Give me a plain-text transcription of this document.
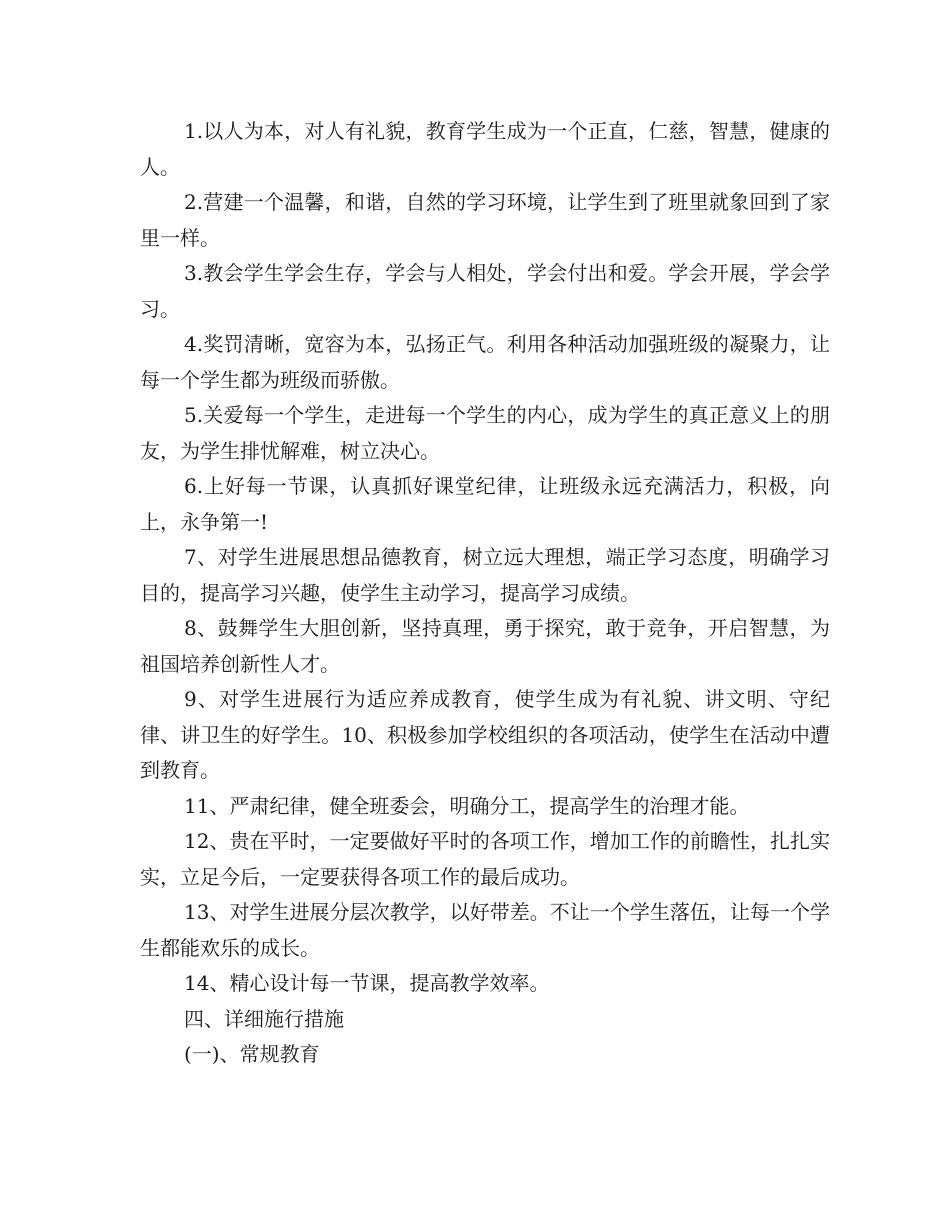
1.以人为本，对人有礼貌，教育学生成为一个正直，仁慈，智慧，健康的人。

2.营建一个温馨，和谐，自然的学习环境，让学生到了班里就象回到了家里一样。

3.教会学生学会生存，学会与人相处，学会付出和爱。学会开展，学会学习。

4.奖罚清晰，宽容为本，弘扬正气。利用各种活动加强班级的凝聚力，让每一个学生都为班级而骄傲。

5.关爱每一个学生，走进每一个学生的内心，成为学生的真正意义上的朋友，为学生排忧解难，树立决心。

6.上好每一节课，认真抓好课堂纪律，让班级永远充满活力，积极，向上，永争第一!

7、对学生进展思想品德教育，树立远大理想，端正学习态度，明确学习目的，提高学习兴趣，使学生主动学习，提高学习成绩。

8、鼓舞学生大胆创新，坚持真理，勇于探究，敢于竞争，开启智慧，为祖国培养创新性人才。

9、对学生进展行为适应养成教育，使学生成为有礼貌、讲文明、守纪律、讲卫生的好学生。10、积极参加学校组织的各项活动，使学生在活动中遭到教育。

11、严肃纪律，健全班委会，明确分工，提高学生的治理才能。

12、贵在平时，一定要做好平时的各项工作，增加工作的前瞻性，扎扎实实，立足今后，一定要获得各项工作的最后成功。

13、对学生进展分层次教学，以好带差。不让一个学生落伍，让每一个学生都能欢乐的成长。

14、精心设计每一节课，提高教学效率。

四、详细施行措施

(一)、常规教育
